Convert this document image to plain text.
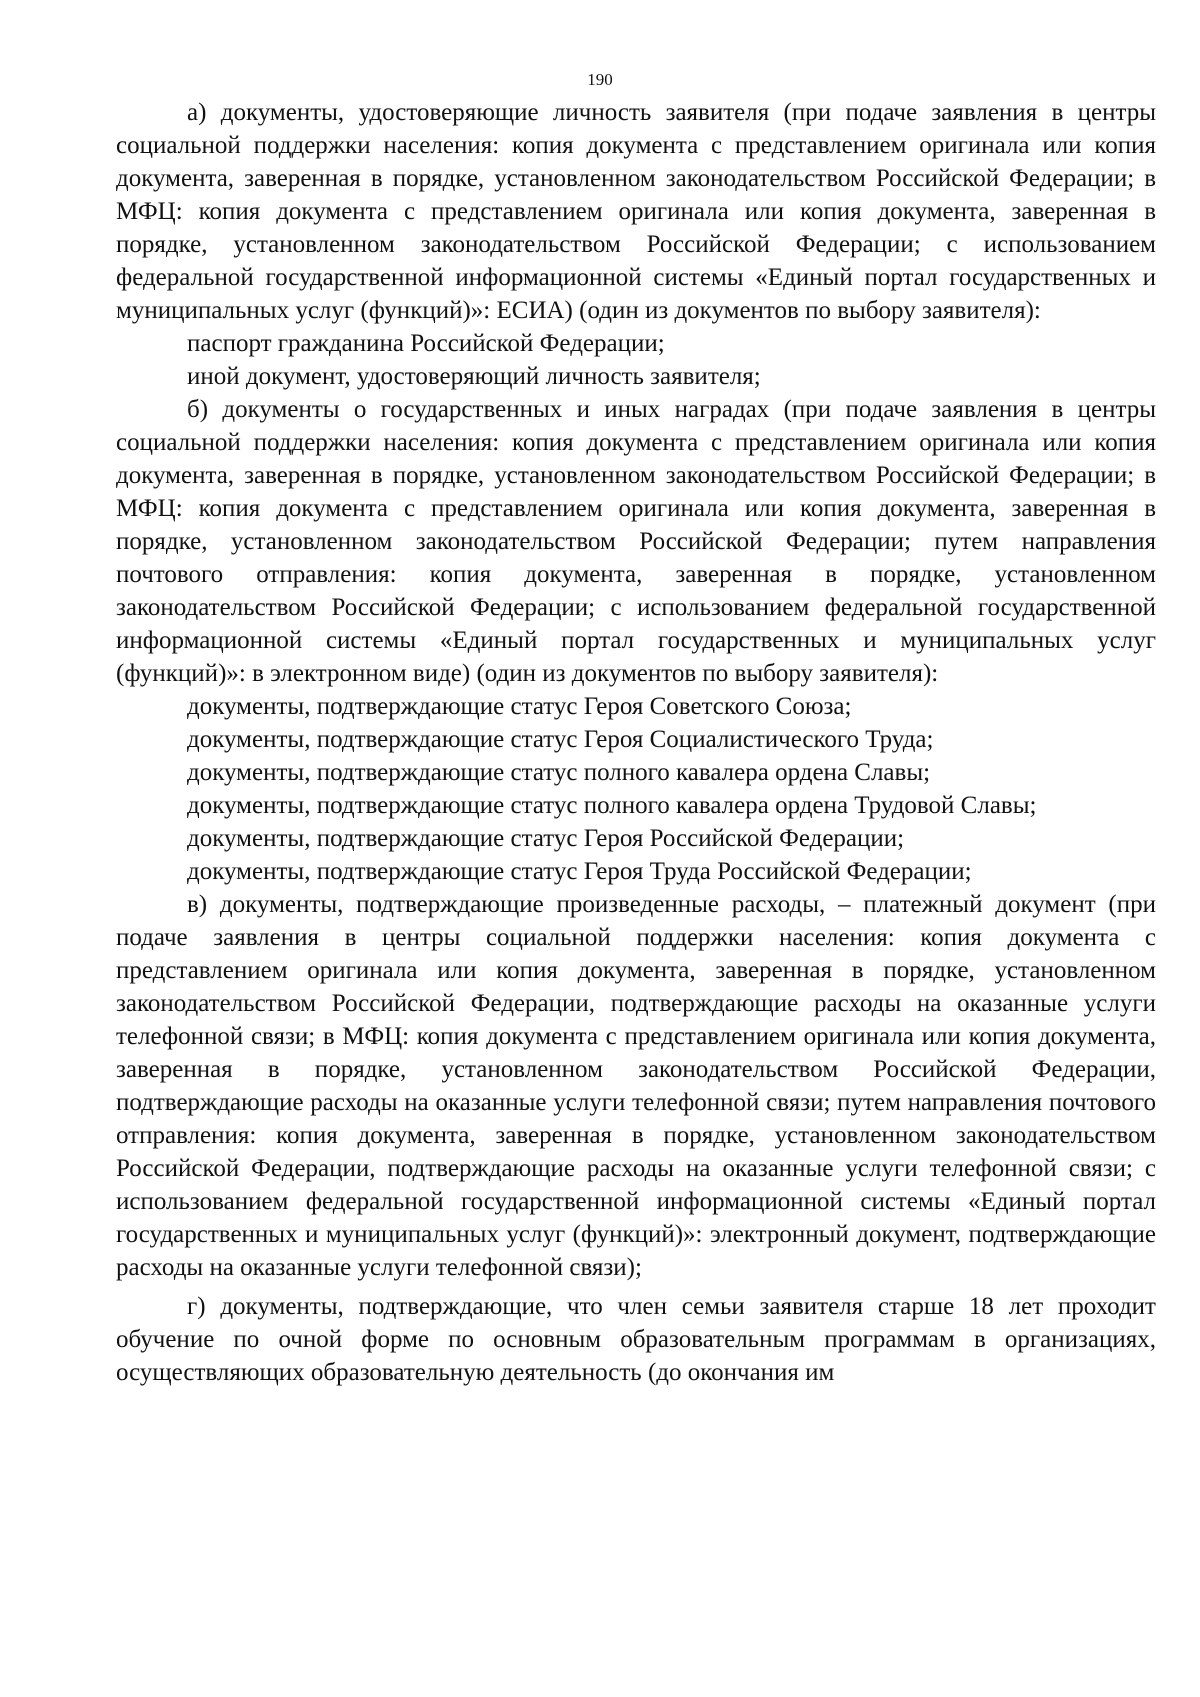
190

а) документы, удостоверяющие личность заявителя (при подаче заявления в центры социальной поддержки населения: копия документа с представлением оригинала или копия документа, заверенная в порядке, установленном законодательством Российской Федерации; в МФЦ: копия документа с представлением оригинала или копия документа, заверенная в порядке, установленном законодательством Российской Федерации; с использованием федеральной государственной информационной системы «Единый портал государственных и муниципальных услуг (функций)»: ЕСИА) (один из документов по выбору заявителя):

паспорт гражданина Российской Федерации;

иной документ, удостоверяющий личность заявителя;

б) документы о государственных и иных наградах (при подаче заявления в центры социальной поддержки населения: копия документа с представлением оригинала или копия документа, заверенная в порядке, установленном законодательством Российской Федерации; в МФЦ: копия документа с представлением оригинала или копия документа, заверенная в порядке, установленном законодательством Российской Федерации; путем направления почтового отправления: копия документа, заверенная в порядке, установленном законодательством Российской Федерации; с использованием федеральной государственной информационной системы «Единый портал государственных и муниципальных услуг (функций)»: в электронном виде) (один из документов по выбору заявителя):

документы, подтверждающие статус Героя Советского Союза;

документы, подтверждающие статус Героя Социалистического Труда;

документы, подтверждающие статус полного кавалера ордена Славы;

документы, подтверждающие статус полного кавалера ордена Трудовой Славы;

документы, подтверждающие статус Героя Российской Федерации;

документы, подтверждающие статус Героя Труда Российской Федерации;

в) документы, подтверждающие произведенные расходы, – платежный документ (при подаче заявления в центры социальной поддержки населения: копия документа с представлением оригинала или копия документа, заверенная в порядке, установленном законодательством Российской Федерации, подтверждающие расходы на оказанные услуги телефонной связи; в МФЦ: копия документа с представлением оригинала или копия документа, заверенная в порядке, установленном законодательством Российской Федерации, подтверждающие расходы на оказанные услуги телефонной связи; путем направления почтового отправления: копия документа, заверенная в порядке, установленном законодательством Российской Федерации, подтверждающие расходы на оказанные услуги телефонной связи; с использованием федеральной государственной информационной системы «Единый портал государственных и муниципальных услуг (функций)»: электронный документ, подтверждающие расходы на оказанные услуги телефонной связи);

г) документы, подтверждающие, что член семьи заявителя старше 18 лет проходит обучение по очной форме по основным образовательным программам в организациях, осуществляющих образовательную деятельность (до окончания им
